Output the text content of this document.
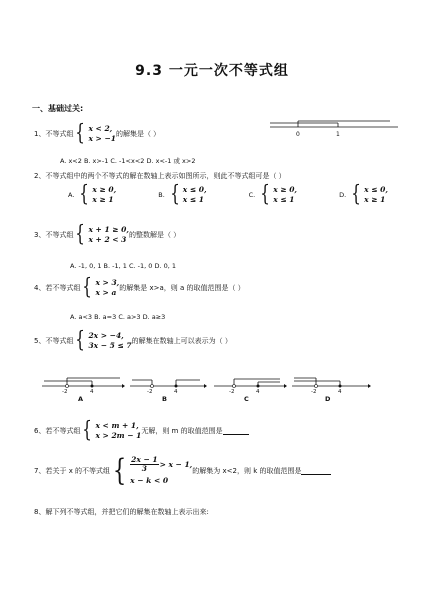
9.3 一元一次不等式组
一、基础过关:
1、 不等式组 { x < 2,
x > −1
的解集是（ ）	0	1
A. x<2 B. x>-1 C. -1<x<2 D. x<-1 或 x>2
2、不等式组中的两个不等式的解在数轴上表示如图所示，则此不等式组可是（ ）
A. { x ≥ 0,
x ≥ 1	B. { x ≤ 0,
x ≤ 1	C. { x ≥ 0,
x ≤ 1	D. { x ≤ 0,
x ≥ 1
3、 不等式组 { x + 1 ≥ 0,
x + 2 < 3
的整数解是（ ）
A. -1, 0, 1 B. -1, 1 C. -1, 0 D. 0, 1
4、 若不等式组 { x > 3,
x > a
的解集是 x>a，则 a 的取值范围是（ ）
A. a<3 B. a=3 C. a>3 D. a≥3
5、 不等式组 { 2x > −4,
3x − 5 ≤ 7
的解集在数轴上可以表示为（ ）
-2	4
A
-2	4
B
-2	4
C
-2	4
D
6、 若不等式组 { x < m + 1,
x > 2m − 1
无解，则 m 的取值范围是
7、 若关于 x 的不等式组 { $\frac{2x - 1}{3} > x - 1$,
x − k < 0
的解集为 x<2，则 k 的取值范围是
8、解下列不等式组，并把它们的解集在数轴上表示出来:
